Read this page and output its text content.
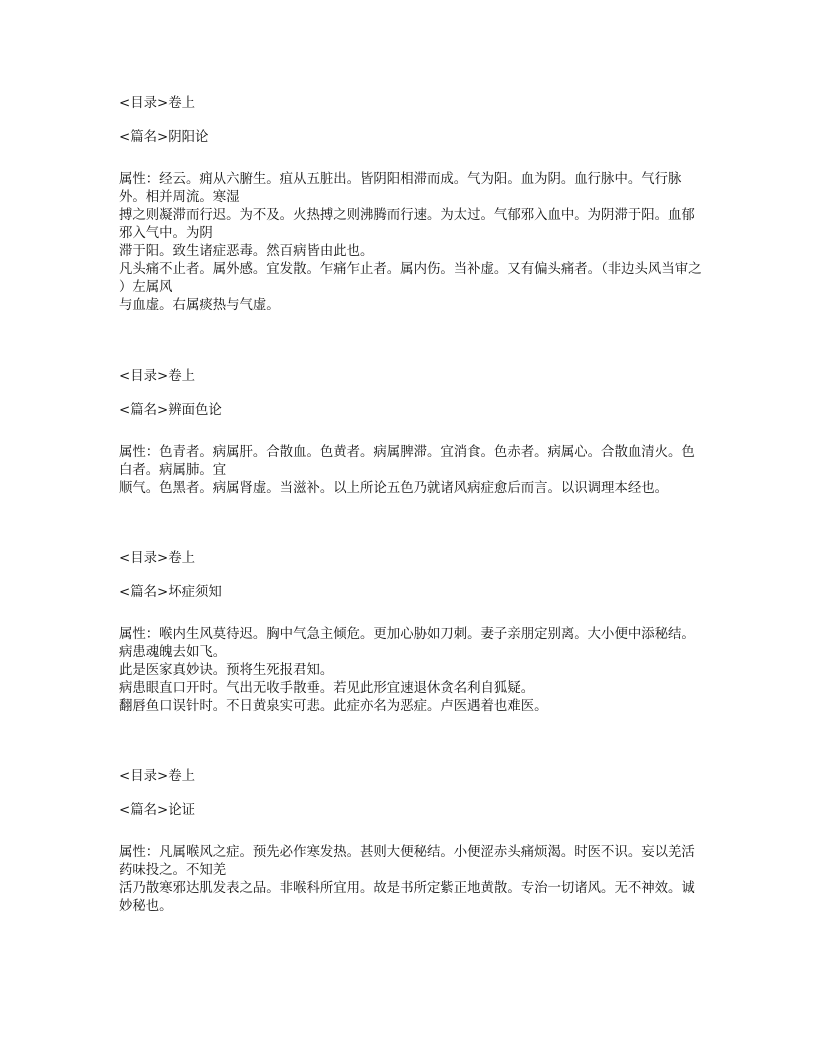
<目录>卷上

<篇名>阴阳论

属性：经云。痈从六腑生。疽从五脏出。皆阴阳相滞而成。气为阳。血为阴。血行脉中。气行脉外。相并周流。寒湿

搏之则凝滞而行迟。为不及。火热搏之则沸腾而行速。为太过。气郁邪入血中。为阴滞于阳。血郁邪入气中。为阴

滞于阳。致生诸症恶毒。然百病皆由此也。

凡头痛不止者。属外感。宜发散。乍痛乍止者。属内伤。当补虚。又有偏头痛者。（非边头风当审之 ）左属风

与血虚。右属痰热与气虚。

<目录>卷上

<篇名>辨面色论

属性：色青者。病属肝。合散血。色黄者。病属脾滞。宜消食。色赤者。病属心。合散血清火。色白者。病属肺。宜

顺气。色黑者。病属肾虚。当滋补。以上所论五色乃就诸风病症愈后而言。以识调理本经也。

<目录>卷上

<篇名>坏症须知

属性：喉内生风莫待迟。胸中气急主倾危。更加心胁如刀刺。妻子亲朋定别离。大小便中添秘结。病患魂魄去如飞。

此是医家真妙诀。预将生死报君知。

病患眼直口开时。气出无收手散垂。若见此形宜速退休贪名利自狐疑。

翻唇鱼口误针时。不日黄泉实可悲。此症亦名为恶症。卢医遇着也难医。

<目录>卷上

<篇名>论证

属性：凡属喉风之症。预先必作寒发热。甚则大便秘结。小便涩赤头痛烦渴。时医不识。妄以羌活药味投之。不知羌

活乃散寒邪达肌发表之品。非喉科所宜用。故是书所定紫正地黄散。专治一切诸风。无不神效。诚妙秘也。
